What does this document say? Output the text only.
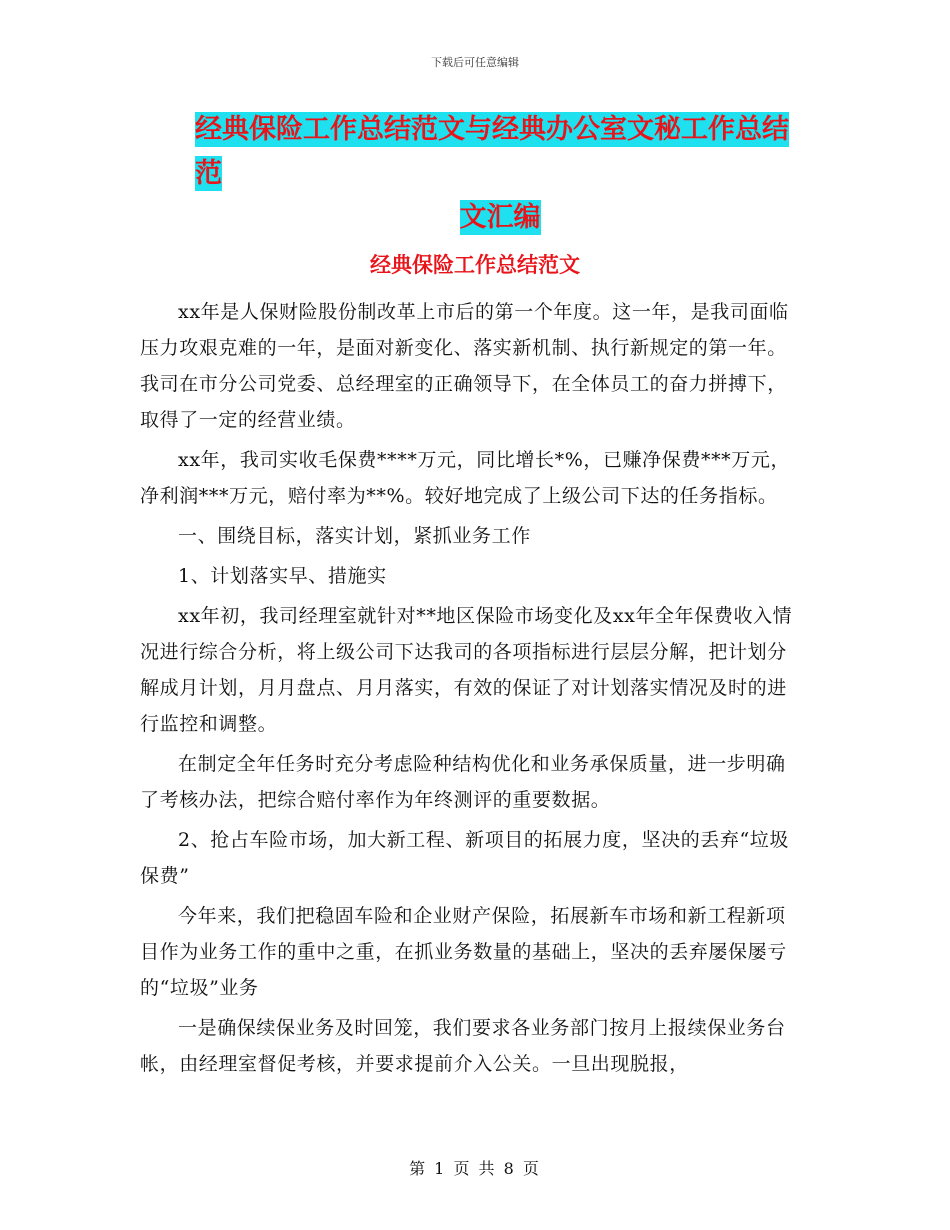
下载后可任意编辑
经典保险工作总结范文与经典办公室文秘工作总结范
文汇编
经典保险工作总结范文

xx年是人保财险股份制改革上市后的第一个年度。这一年，是我司面临压力攻艰克难的一年，是面对新变化、落实新机制、执行新规定的第一年。我司在市分公司党委、总经理室的正确领导下，在全体员工的奋力拼搏下，取得了一定的经营业绩。

xx年，我司实收毛保费****万元，同比增长*%，已赚净保费***万元，净利润***万元，赔付率为**%。较好地完成了上级公司下达的任务指标。

一、围绕目标，落实计划，紧抓业务工作

1、计划落实早、措施实

xx年初，我司经理室就针对**地区保险市场变化及xx年全年保费收入情况进行综合分析，将上级公司下达我司的各项指标进行层层分解，把计划分解成月计划，月月盘点、月月落实，有效的保证了对计划落实情况及时的进行监控和调整。

在制定全年任务时充分考虑险种结构优化和业务承保质量，进一步明确了考核办法，把综合赔付率作为年终测评的重要数据。

2、抢占车险市场，加大新工程、新项目的拓展力度，坚决的丢弃“垃圾保费”

今年来，我们把稳固车险和企业财产保险，拓展新车市场和新工程新项目作为业务工作的重中之重，在抓业务数量的基础上，坚决的丢弃屡保屡亏的“垃圾”业务

一是确保续保业务及时回笼，我们要求各业务部门按月上报续保业务台帐，由经理室督促考核，并要求提前介入公关。一旦出现脱报，

第 1 页 共 8 页
